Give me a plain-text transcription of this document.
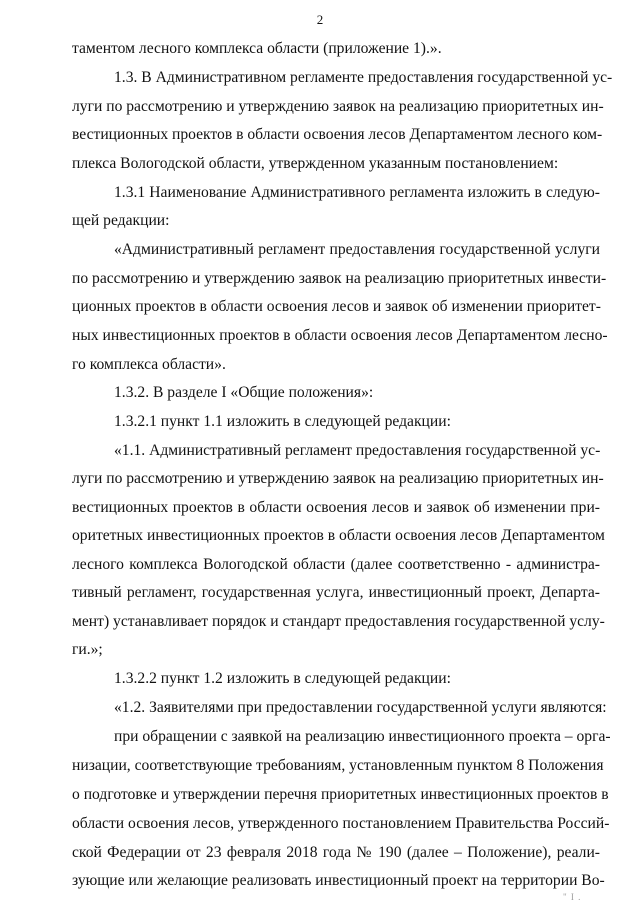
2
таментом лесного комплекса области (приложение 1).».
1.3. В Административном регламенте предоставления государственной ус-
луги по рассмотрению и утверждению заявок на реализацию приоритетных ин-
вестиционных проектов в области освоения лесов Департаментом лесного ком-
плекса Вологодской области, утвержденном указанным постановлением:
1.3.1 Наименование Административного регламента изложить в следую-
щей редакции:
«Административный регламент предоставления государственной услуги
по рассмотрению и утверждению заявок на реализацию приоритетных инвести-
ционных проектов в области освоения лесов и заявок об изменении приоритет-
ных инвестиционных проектов в области освоения лесов Департаментом лесно-
го комплекса области».
1.3.2. В разделе I «Общие положения»:
1.3.2.1 пункт 1.1 изложить в следующей редакции:
«1.1. Административный регламент предоставления государственной ус-
луги по рассмотрению и утверждению заявок на реализацию приоритетных ин-
вестиционных проектов в области освоения лесов и заявок об изменении при-
оритетных инвестиционных проектов в области освоения лесов Департаментом
лесного комплекса Вологодской области (далее соответственно - администра-
тивный регламент, государственная услуга, инвестиционный проект, Департа-
мент) устанавливает порядок и стандарт предоставления государственной услу-
ги.»;
1.3.2.2 пункт 1.2 изложить в следующей редакции:
«1.2. Заявителями при предоставлении государственной услуги являются:
при обращении с заявкой на реализацию инвестиционного проекта – орга-
низации, соответствующие требованиям, установленным пунктом 8 Положения
о подготовке и утверждении перечня приоритетных инвестиционных проектов в
области освоения лесов, утвержденного постановлением Правительства Россий-
ской Федерации от 23 февраля 2018 года № 190 (далее – Положение), реали-
зующие или желающие реализовать инвестиционный проект на территории Во-
" I .
